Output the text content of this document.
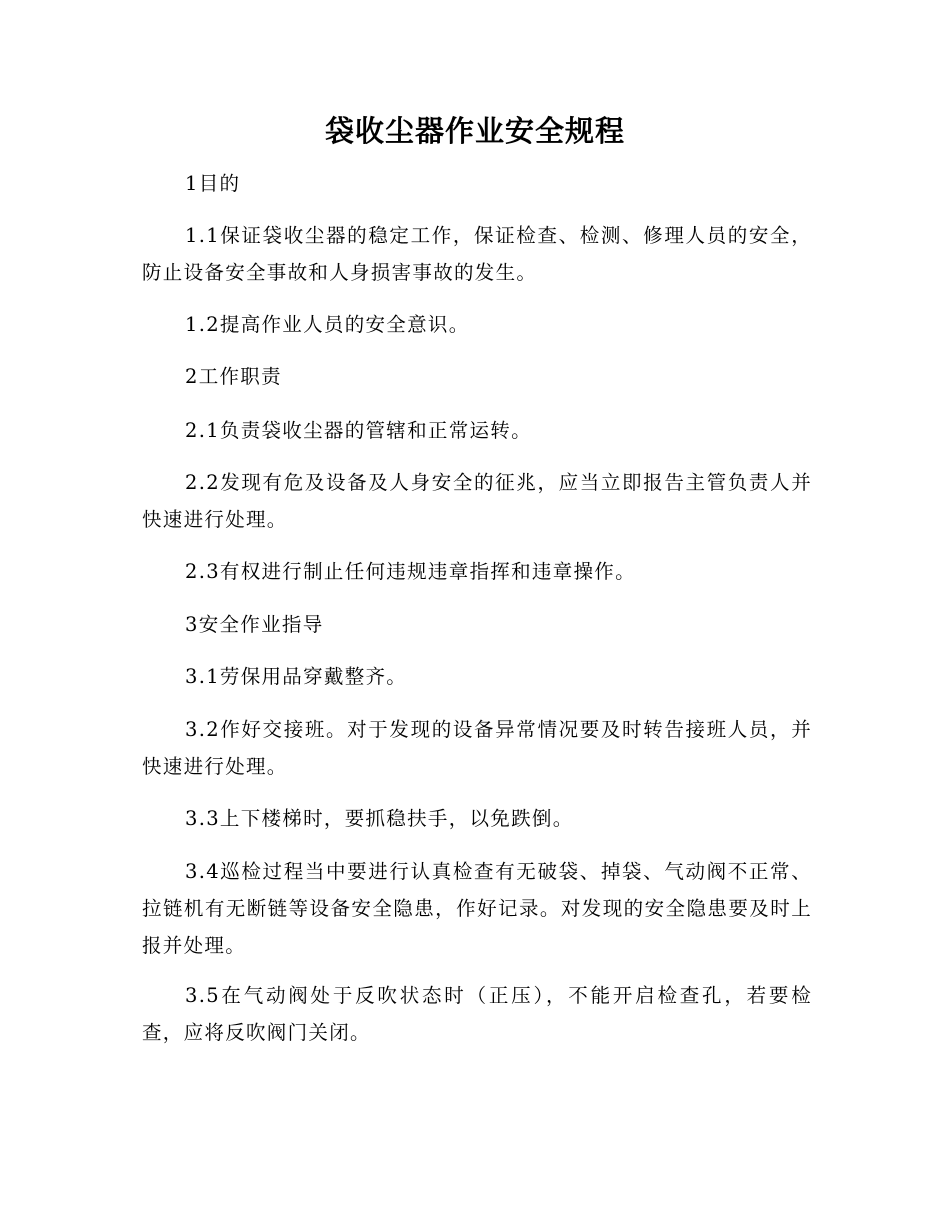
袋收尘器作业安全规程

1目的

1.1保证袋收尘器的稳定工作，保证检查、检测、修理人员的安全，防止设备安全事故和人身损害事故的发生。

1.2提高作业人员的安全意识。

2工作职责

2.1负责袋收尘器的管辖和正常运转。

2.2发现有危及设备及人身安全的征兆，应当立即报告主管负责人并快速进行处理。

2.3有权进行制止任何违规违章指挥和违章操作。

3安全作业指导

3.1劳保用品穿戴整齐。

3.2作好交接班。对于发现的设备异常情况要及时转告接班人员，并快速进行处理。

3.3上下楼梯时，要抓稳扶手，以免跌倒。

3.4巡检过程当中要进行认真检查有无破袋、掉袋、气动阀不正常、拉链机有无断链等设备安全隐患，作好记录。对发现的安全隐患要及时上报并处理。

3.5在气动阀处于反吹状态时（正压），不能开启检查孔，若要检查，应将反吹阀门关闭。
